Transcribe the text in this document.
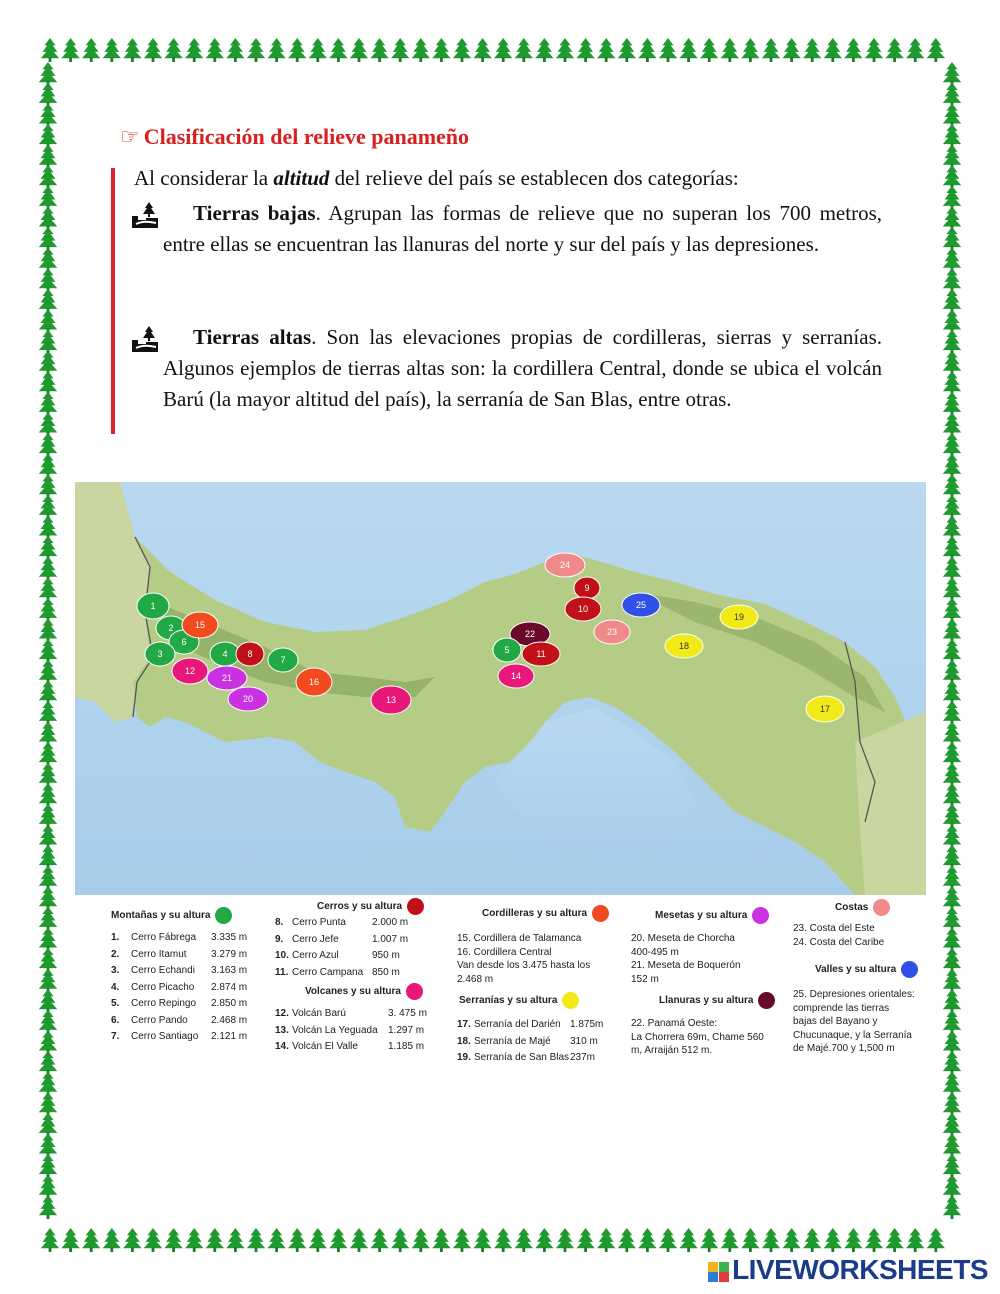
☞ Clasificación del relieve panameño
Al considerar la altitud del relieve del país se establecen dos categorías:
Tierras bajas. Agrupan las formas de relieve que no superan los 700 metros, entre ellas se encuentran las llanuras del norte y sur del país y las depresiones.
Tierras altas. Son las elevaciones propias de cordilleras, sierras y serranías. Algunos ejemplos de tierras altas son: la cordillera Central, donde se ubica el volcán Barú (la mayor altitud del país), la serranía de San Blas, entre otras.
1
2
6
15
3	4 8
7
12
21
20
16
13
24
9
10	25
19
22	23
5	11
18
14
17
Montañas y su altura
1. Cerro Fábrega 3.335 m
2. Cerro Itamut 3.279 m
3. Cerro Echandi 3.163 m
4. Cerro Picacho 2.874 m
5. Cerro Repingo 2.850 m
6. Cerro Pando 2.468 m
7. Cerro Santiago 2.121 m
Cerros y su altura
8. Cerro Punta	2.000 m
9. Cerro Jefe	1.007 m
10. Cerro Azul	950 m
11. Cerro Campana 850 m
Volcanes y su altura
12. Volcán Barú	3. 475 m
13. Volcán La Yeguada 1.297 m
14. Volcán El Valle	1.185 m
Cordilleras y su altura

15. Cordillera de Talamanca

16. Cordillera Central

Van desde los 3.475 hasta los

2.468 m

Serranías y su altura
17. Serranía del Darién 1.875m
18. Serranía de Majé 310 m
19. Serranía de San Blas237m
Mesetas y su altura

20. Meseta de Chorcha

400-495 m

21. Meseta de Boquerón

152 m

Llanuras y su altura

22. Panamá Oeste:

La Chorrera 69m, Chame 560

m, Arraiján 512 m.

Costas

23. Costa del Este

24. Costa del Caribe

Valles y su altura

25. Depresiones orientales:

comprende las tierras

bajas del Bayano y

Chucunaque, y la Serranía

de Majé.700 y 1,500 m

LIVEWORKSHEETS
